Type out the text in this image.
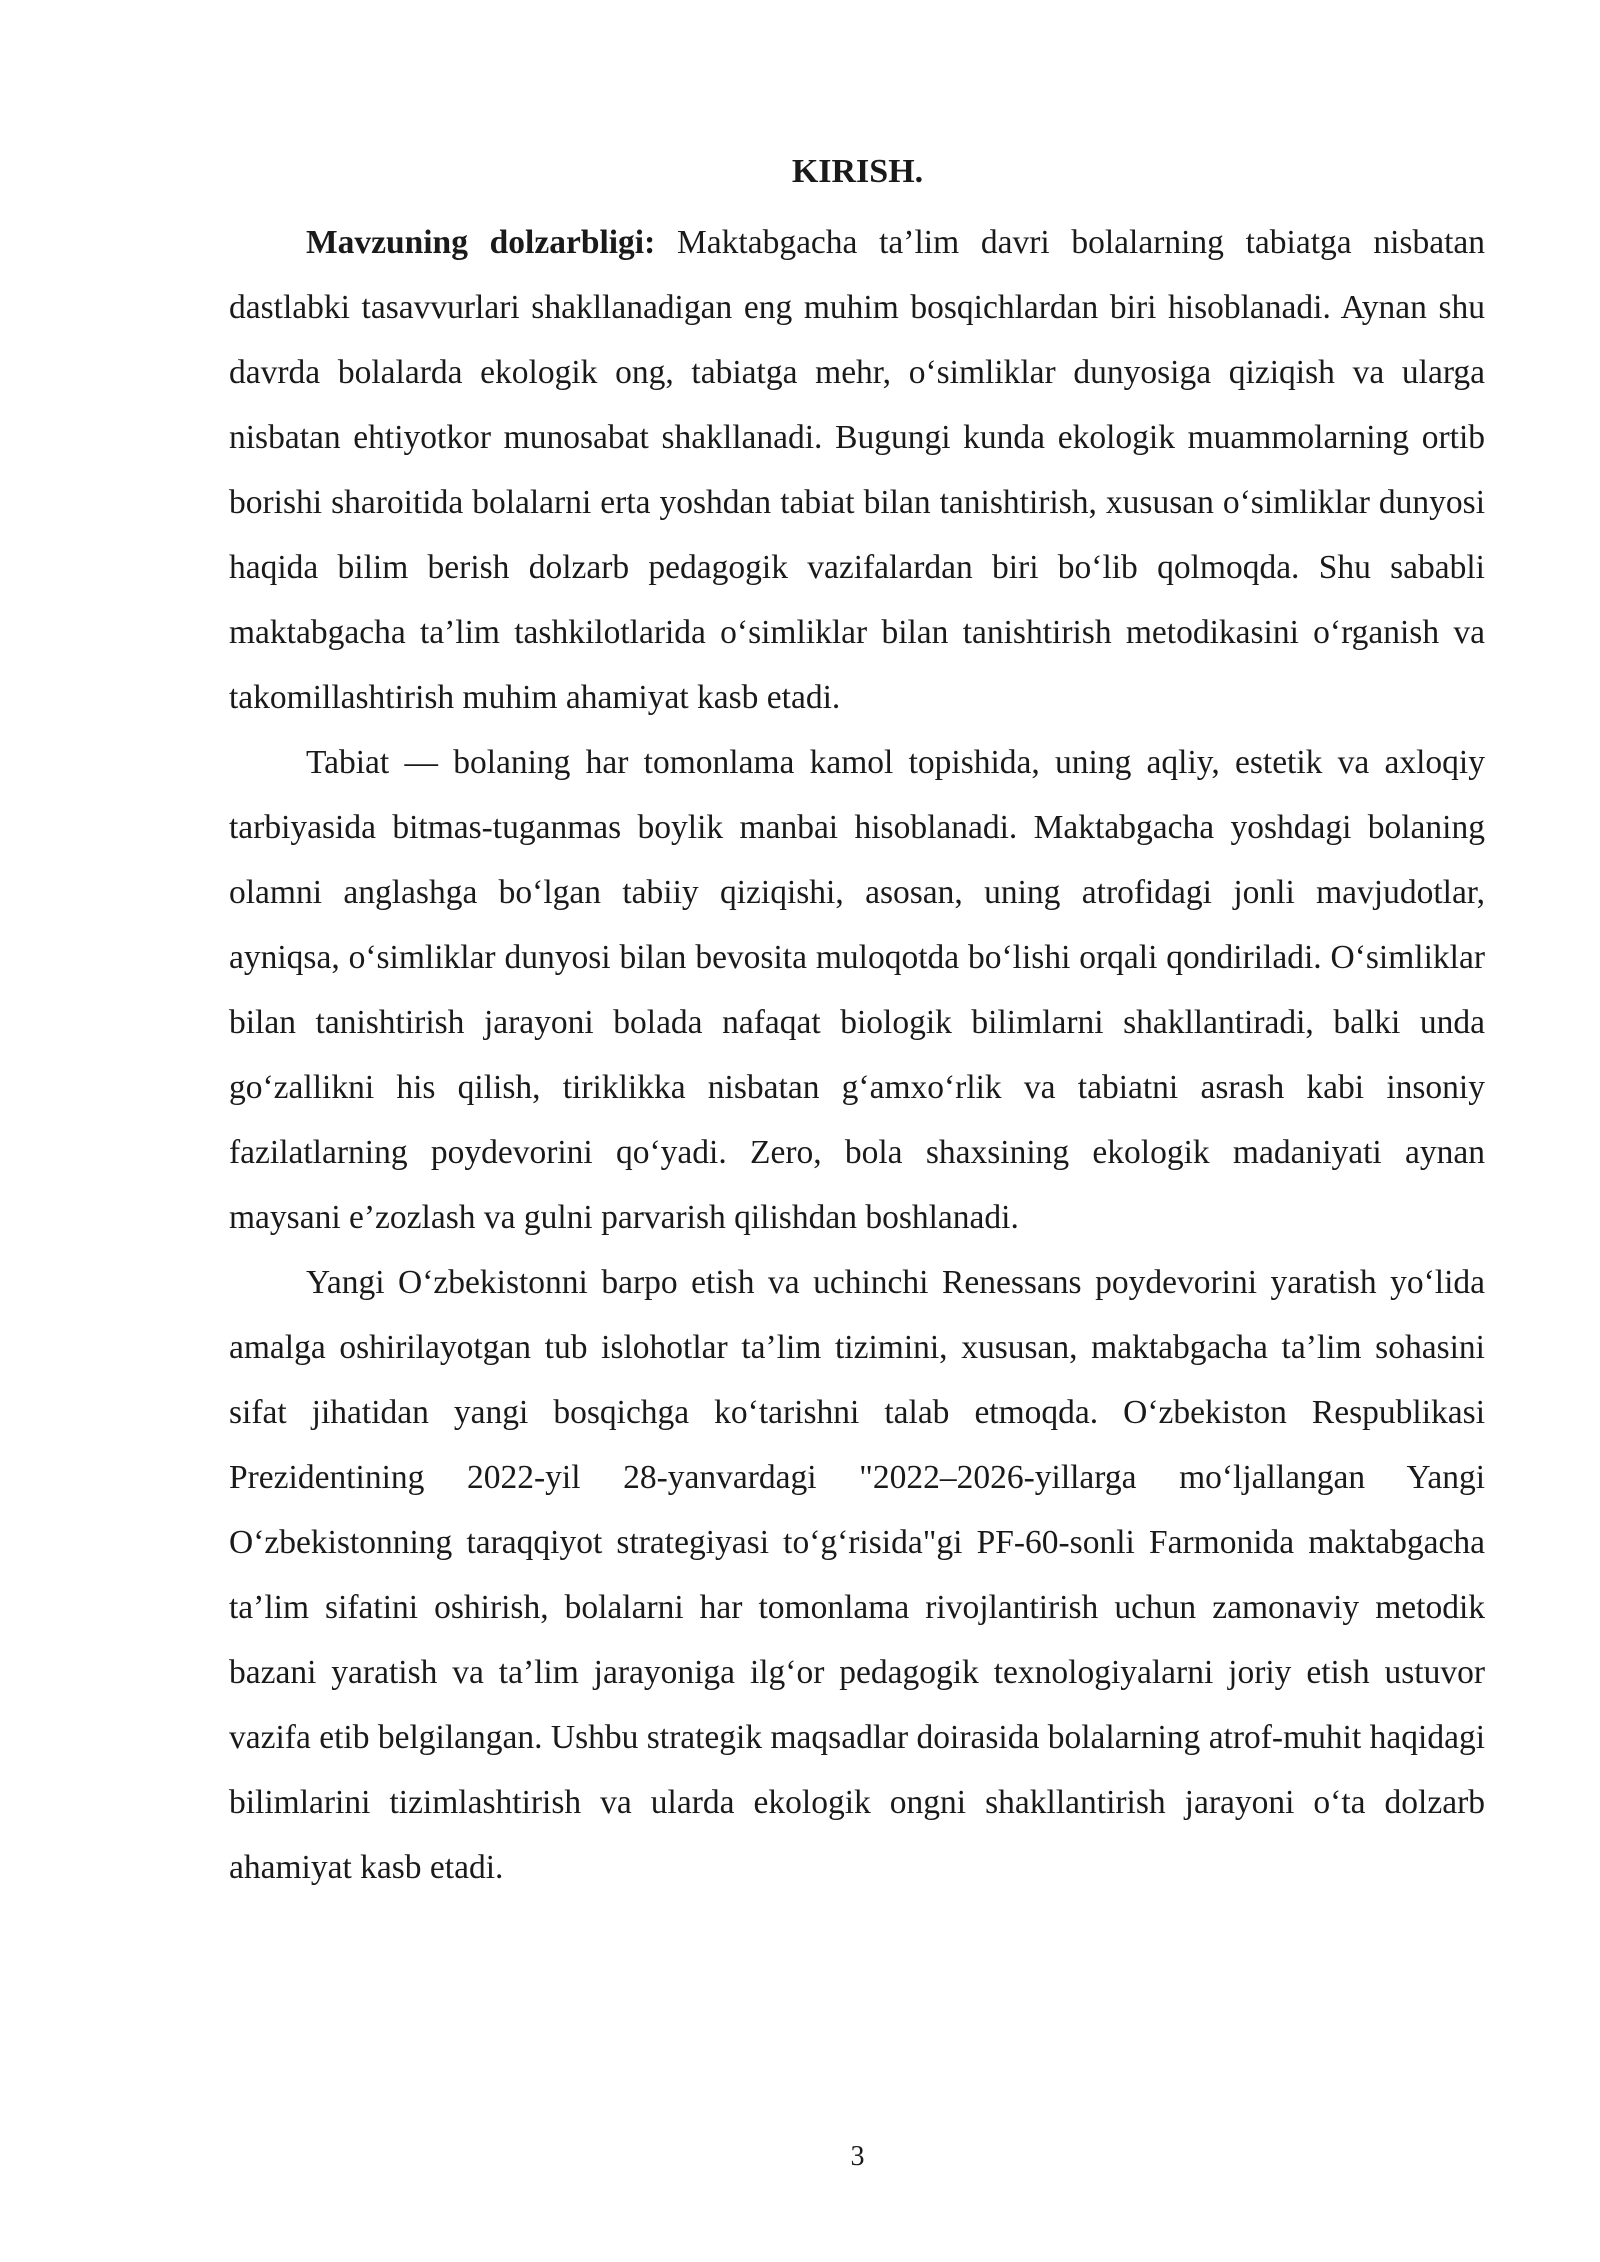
KIRISH.

Mavzuning dolzarbligi: Maktabgacha ta’lim davri bolalarning tabiatga nisbatan dastlabki tasavvurlari shakllanadigan eng muhim bosqichlardan biri hisoblanadi. Aynan shu davrda bolalarda ekologik ong, tabiatga mehr, o‘simliklar dunyosiga qiziqish va ularga nisbatan ehtiyotkor munosabat shakllanadi. Bugungi kunda ekologik muammolarning ortib borishi sharoitida bolalarni erta yoshdan tabiat bilan tanishtirish, xususan o‘simliklar dunyosi haqida bilim berish dolzarb pedagogik vazifalardan biri bo‘lib qolmoqda. Shu sababli maktabgacha ta’lim tashkilotlarida o‘simliklar bilan tanishtirish metodikasini o‘rganish va takomillashtirish muhim ahamiyat kasb etadi.

Tabiat — bolaning har tomonlama kamol topishida, uning aqliy, estetik va axloqiy tarbiyasida bitmas-tuganmas boylik manbai hisoblanadi. Maktabgacha yoshdagi bolaning olamni anglashga bo‘lgan tabiiy qiziqishi, asosan, uning atrofidagi jonli mavjudotlar, ayniqsa, o‘simliklar dunyosi bilan bevosita muloqotda bo‘lishi orqali qondiriladi. O‘simliklar bilan tanishtirish jarayoni bolada nafaqat biologik bilimlarni shakllantiradi, balki unda go‘zallikni his qilish, tiriklikka nisbatan g‘amxo‘rlik va tabiatni asrash kabi insoniy fazilatlarning poydevorini qo‘yadi. Zero, bola shaxsining ekologik madaniyati aynan maysani e’zozlash va gulni parvarish qilishdan boshlanadi.

Yangi O‘zbekistonni barpo etish va uchinchi Renessans poydevorini yaratish yo‘lida amalga oshirilayotgan tub islohotlar ta’lim tizimini, xususan, maktabgacha ta’lim sohasini sifat jihatidan yangi bosqichga ko‘tarishni talab etmoqda. O‘zbekiston Respublikasi Prezidentining 2022-yil 28-yanvardagi "2022–2026-yillarga mo‘ljallangan Yangi O‘zbekistonning taraqqiyot strategiyasi to‘g‘risida"gi PF-60-sonli Farmonida maktabgacha ta’lim sifatini oshirish, bolalarni har tomonlama rivojlantirish uchun zamonaviy metodik bazani yaratish va ta’lim jarayoniga ilg‘or pedagogik texnologiyalarni joriy etish ustuvor vazifa etib belgilangan. Ushbu strategik maqsadlar doirasida bolalarning atrof-muhit haqidagi bilimlarini tizimlashtirish va ularda ekologik ongni shakllantirish jarayoni o‘ta dolzarb ahamiyat kasb etadi.

3
